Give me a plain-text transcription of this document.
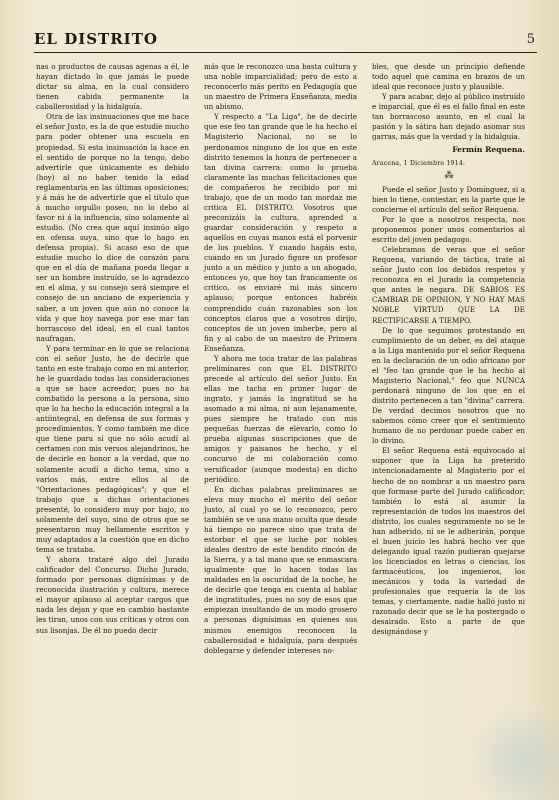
EL DISTRITO	5

nas o productos de causas agenas a él, le hayan dictado lo que jamás le puede dictar su alma, en la cual considero tienen cabida permanente la caballerosidad y la hidalguía.

Otra de las insinuaciones que me hace el señor Justo, es la de que estudie mucho para poder obtener una escuela en propiedad. Si esta insinuación la hace en el sentido de porque no la tengo, debo advertirle que únicamente es debido (hoy) al no haber tenido la edad reglamentaria en las últimas oposiciones; y á más he de advertirle que el título que á mucho orgullo poseo, no lo debo al favor ni á la influencia, sino solamente al estudio. (No crea que aquí insinúo algo en ofensa suya, sino que lo hago en defensa propia). Si acaso eso de que estudie mucho lo dice de corazón para que en el día de mañana pueda llegar a ser un hombre instruído, se lo agradezco en el alma, y su consejo será siempre el consejo de un anciano de experiencia y saber, a un joven que aún no conoce la vida y que hoy navega por ese mar tan borrascoso del ideal, en el cual tantos naufragan.

Y para terminar en lo que se relaciona con el señor Justo, he de decirle que tanto en este trabajo como en mi anterior, he le guardado todas las consideraciones a que se hace acreedor, pues no ha combatido la persona a la persona, sino que lo ha hecho la educación integral a la antiintegral, en defensa de sus formas y procedimientos. Y como también me dice que tiene para sí que no sólo acudí al certamen con mis versos alejandrinos, he de decirle en honor a la verdad, que no solamente acudí a dicho tema, sino a varios más, entre ellos al de "Orientaciones pedagógicas"; y que el trabajo que a dichas orientaciones presenté, lo considero muy por bajo, no solamente del suyo, sino de otros que se presentaron muy bellamente escritos y muy adaptados a la cuestión que en dicho tema se trataba.

Y ahora trataré algo del Jurado calificador del Concurso. Dicho Jurado, formado por personas dignísimas y de reconocida ilustración y cultura, merece el mayor aplauso al aceptar cargos que nada les dejan y que en cambio bastante les tiran, unos con sus críticas y otros con sus lisonjas. De él no puedo decir

más que le reconozco una basta cultura y una noble imparcialidad; pero de esto a reconocerlo más perito en Pedagogía que un maestro de Primera Enseñanza, media un abismo.

Y respecto a "La Liga", he de decirle que ese feo tan grande que le ha hecho el Magisterio Nacional, no se lo perdonamos ninguno de los que en este distrito tenemos la honra de pertenecer a tan divina carrera: como lo prueba claramente las muchas felicitaciones que de compañeros he recibido por mi trabajo, que de un modo tan mordaz me critica EL DISTRITO. Vosotros que preconizáis la cultura, aprended a guardar consideración y respeto a aquellos en cuyas manos está el porvenir de los pueblos. Y cuando hagáis esto, cuando en un Jurado figure un profesor junto a un médico y junto a un abogado, entonces yo, que hoy tan francamente os critico, os enviaré mi más sincero aplauso; porque entonces habréis comprendido cuán razonables son los conceptos claros que a vosotros dirijo, conceptos de un joven imberbe, pero al fin y al cabo de un maestro de Primera Enseñanza.

Y ahora me toca tratar de las palabras preliminares con que EL DISTRITO precede al artículo del señor Justo. En ellas me tacha en primer lugar de ingrato, y jamás la ingratitud se ha asomado a mi alma, ni aun lejanamente, pues siempre he tratado con mis pequeñas fuerzas de elevarlo, como lo prueba algunas suscripciones que de amigos y paisanos he hecho, y el concurso de mi colaboración como versificador (aunque modesta) en dicho periódico.

En dichas palabras preliminares se eleva muy mucho el mérito del señor Justo, al cual yo se lo reconozco, pero también se ve una mano oculta que desde há tiempo no parece sino que trata de estorbar el que se luche por nobles ideales dentro de este bendito rincón de la Sierra, y a tal mano que se enmascara igualmente que lo hacen todas las maldades en la oscuridad de la noche, he de decirle que tenga en cuenta al hablar de ingratitudes, pues no soy de esos que empiezan insultando de un modo grosero a personas dignísimas en quienes sus mismos enemigos reconocen la caballerosidad e hidalguía, para después doblegarse y defender intereses no-

bles, que desde un principio defiende todo aquel que camina en brazos de un ideal que reconoce justo y plausible.

Y para acabar, dejo al público instruído e imparcial, que él es el fallo final en este tan borrascoso asunto, en el cual la pasión y la sátira han dejado asomar sus garras, más que la verdad y la hidalguía.

Fermín Requena.
Aracena, 1 Diciembre 1914.
⁂

Puede el señor Justo y Domínguez, si a bien lo tiene, contestar, en la parte que le concierne el artículo del señor Requena.

Por lo que a nosotros respecta, nos proponemos poner unos comentarios al escrito del joven pedagogo.

Celebramos de veras que el señor Requena, variando de táctica, trate al señor Justo con los debidos respetos y reconozca en el Jurado la competencia que antes le negara. DE SABIOS ES CAMBIAR DE OPINION, Y NO HAY MAS NOBLE VIRTUD QUE LA DE RECTIFICARSE A TIEMPO.

De lo que seguimos protestando en cumplimiento de un deber, es del ataque a la Liga mantenido por el señor Requena en la declaración de un odio africano por el "feo tan grande que le ha hecho al Magisterio Nacional," feo que NUNCA perdonará ninguno de los que en el distrito pertenecen a tan "divina" carrera. De verdad decimos nosotros que no sabemos cómo creer que el sentimiento humano de no perdonar puede caber en lo divino.

El señor Requena está equivocado al suponer que la Liga ha preterido intencionadamente al Magisterio por el hecho de no nombrar a un maestro para que formase parte del Jurado calificador; también lo está al asumir la representación de todos los maestros del distrito, los cuales seguramente no se le han adherido, ni se le adherirán, porque el buen juicio les habrá hecho ver que delegando igual razón pudieran quejarse los licenciados en letras o ciencias, los farmacéuticos, los ingenieros, los mecánicos y toda la variedad de profesionales que requería la de los temas, y ciertamente, nadie halló justo ni razonado decir que se le ha postergado o desairado. Esto a parte de que designándose y
